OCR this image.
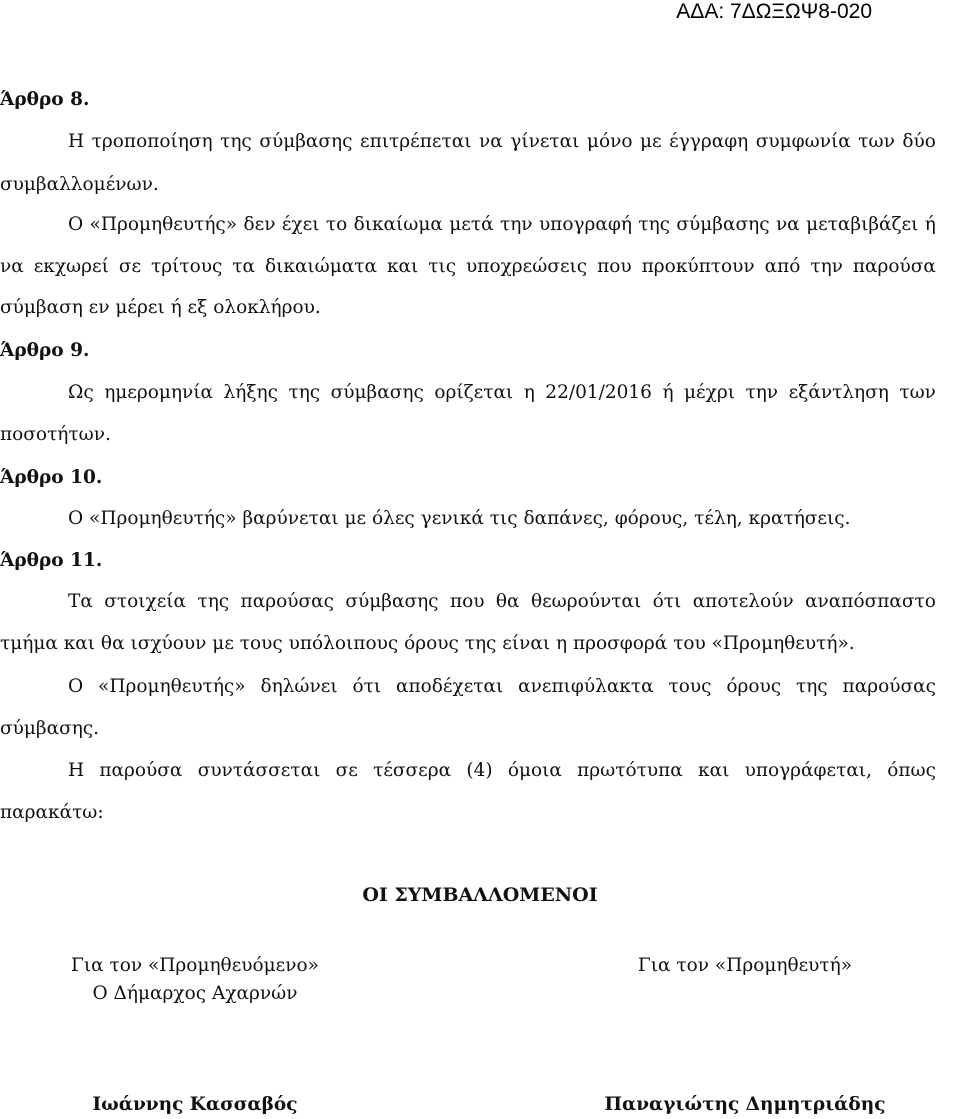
ΑΔΑ: 7ΔΩΞΩΨ8-020
Άρθρο 8.
Η τροποποίηση της σύμβασης επιτρέπεται να γίνεται μόνο με έγγραφη συμφωνία των δύο
συμβαλλομένων.
Ο «Προμηθευτής» δεν έχει το δικαίωμα μετά την υπογραφή της σύμβασης να μεταβιβάζει ή
να εκχωρεί σε τρίτους τα δικαιώματα και τις υποχρεώσεις που προκύπτουν από την παρούσα
σύμβαση εν μέρει ή εξ ολοκλήρου.
Άρθρο 9.
Ως ημερομηνία λήξης της σύμβασης ορίζεται η 22/01/2016 ή μέχρι την εξάντληση των
ποσοτήτων.
Άρθρο 10.
Ο «Προμηθευτής» βαρύνεται με όλες γενικά τις δαπάνες, φόρους, τέλη, κρατήσεις.
Άρθρο 11.
Τα στοιχεία της παρούσας σύμβασης που θα θεωρούνται ότι αποτελούν αναπόσπαστο
τμήμα και θα ισχύουν με τους υπόλοιπους όρους της είναι η προσφορά του «Προμηθευτή».
Ο «Προμηθευτής» δηλώνει ότι αποδέχεται ανεπιφύλακτα τους όρους της παρούσας
σύμβασης.
Η παρούσα συντάσσεται σε τέσσερα (4) όμοια πρωτότυπα και υπογράφεται, όπως
παρακάτω:
ΟΙ ΣΥΜΒΑΛΛΟΜΕΝΟΙ
Για τον «Προμηθευόμενο»
Ο Δήμαρχος Αχαρνών
Για τον «Προμηθευτή»
Ιωάννης Κασσαβός	Παναγιώτης Δημητριάδης
